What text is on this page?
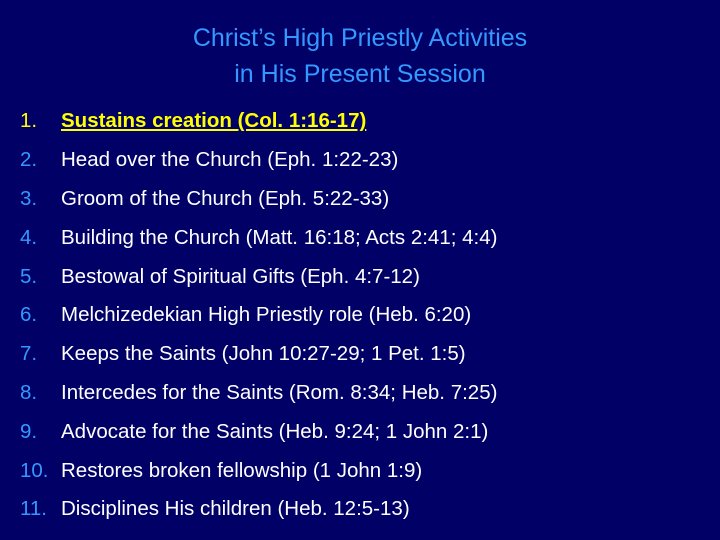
Christ’s High Priestly Activities
in His Present Session
1.	Sustains creation (Col. 1:16-17)
2.	Head over the Church (Eph. 1:22-23)
3.	Groom of the Church (Eph. 5:22-33)
4.	Building the Church (Matt. 16:18; Acts 2:41; 4:4)
5.	Bestowal of Spiritual Gifts (Eph. 4:7-12)
6.	Melchizedekian High Priestly role (Heb. 6:20)
7.	Keeps the Saints (John 10:27-29; 1 Pet. 1:5)
8.	Intercedes for the Saints (Rom. 8:34; Heb. 7:25)
9.	Advocate for the Saints (Heb. 9:24; 1 John 2:1)
10. Restores broken fellowship (1 John 1:9)
11. Disciplines His children (Heb. 12:5-13)
